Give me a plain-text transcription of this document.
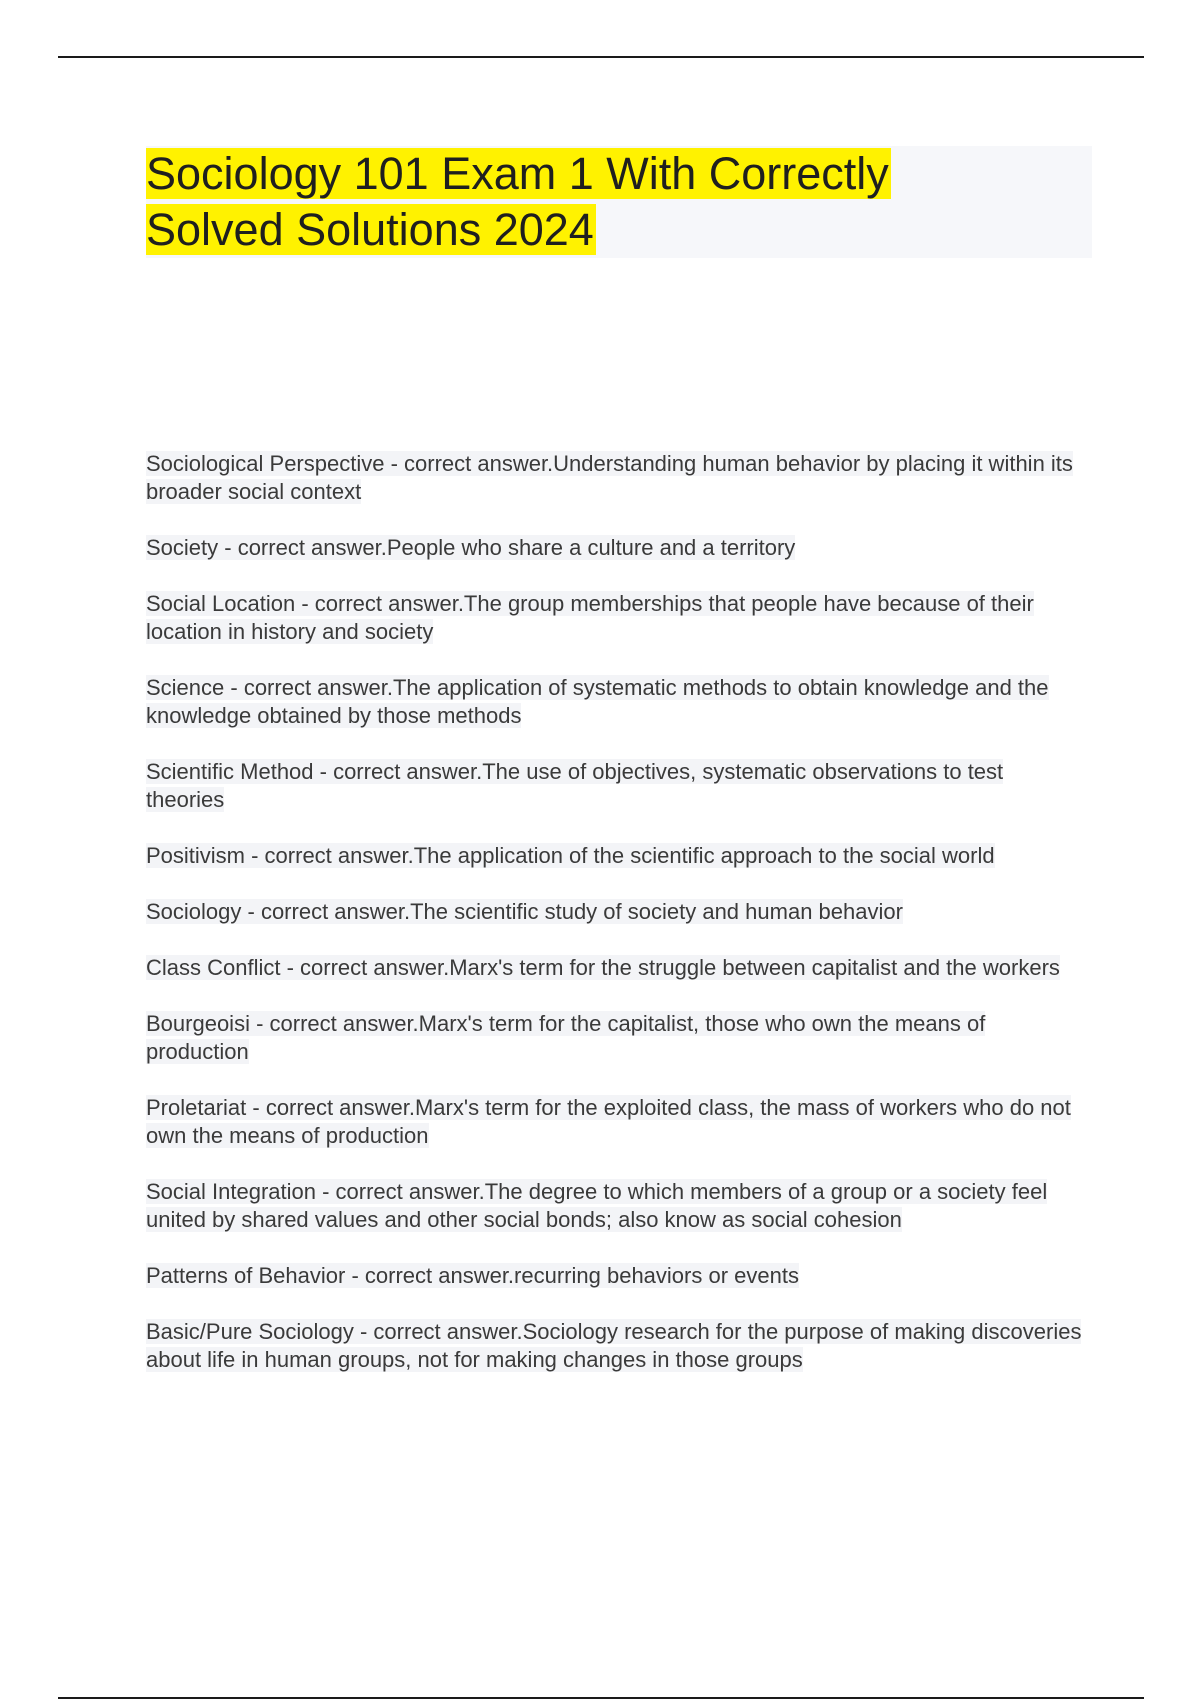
Sociology 101 Exam 1 With Correctly
Solved Solutions 2024
Sociological Perspective - correct answer.Understanding human behavior by placing it within its broader social context
Society - correct answer.People who share a culture and a territory
Social Location - correct answer.The group memberships that people have because of their location in history and society
Science - correct answer.The application of systematic methods to obtain knowledge and the knowledge obtained by those methods
Scientific Method - correct answer.The use of objectives, systematic observations to test theories
Positivism - correct answer.The application of the scientific approach to the social world
Sociology - correct answer.The scientific study of society and human behavior
Class Conflict - correct answer.Marx's term for the struggle between capitalist and the workers
Bourgeoisi - correct answer.Marx's term for the capitalist, those who own the means of production
Proletariat - correct answer.Marx's term for the exploited class, the mass of workers who do not own the means of production
Social Integration - correct answer.The degree to which members of a group or a society feel united by shared values and other social bonds; also know as social cohesion
Patterns of Behavior - correct answer.recurring behaviors or events
Basic/Pure Sociology - correct answer.Sociology research for the purpose of making discoveries about life in human groups, not for making changes in those groups
